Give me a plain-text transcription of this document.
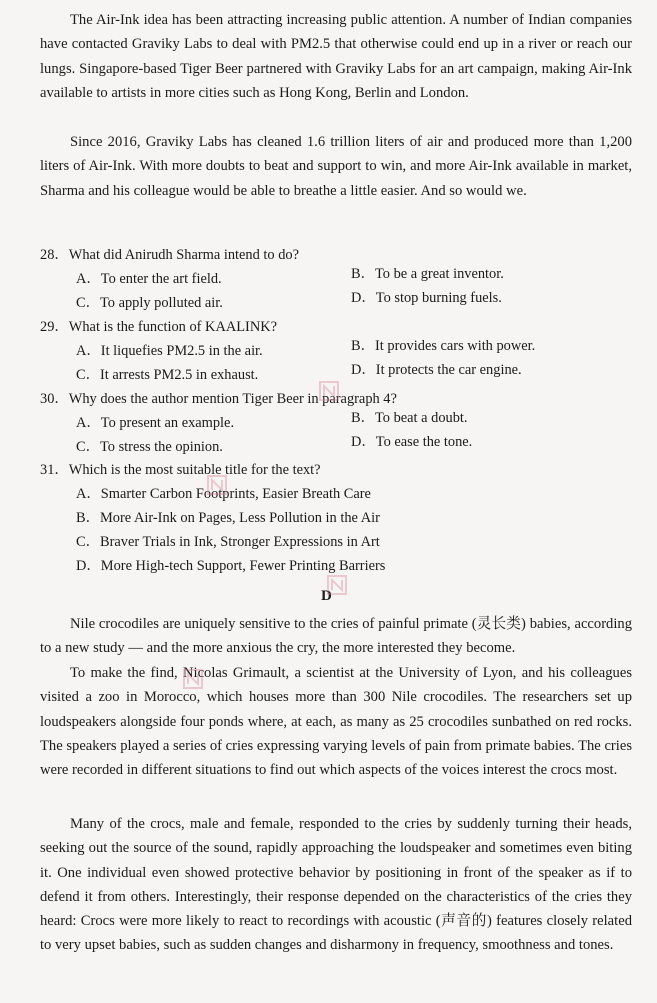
The Air-Ink idea has been attracting increasing public attention. A number of Indian companies have contacted Graviky Labs to deal with PM2.5 that otherwise could end up in a river or reach our lungs. Singapore-based Tiger Beer partnered with Graviky Labs for an art campaign, making Air-Ink available to artists in more cities such as Hong Kong, Berlin and London.

Since 2016, Graviky Labs has cleaned 1.6 trillion liters of air and produced more than 1,200 liters of Air-Ink. With more doubts to beat and support to win, and more Air-Ink available in market, Sharma and his colleague would be able to breathe a little easier. And so would we.

28．What did Anirudh Sharma intend to do?
A．To enter the art field.	B．To be a great inventor.
C．To apply polluted air.	D．To stop burning fuels.
29．What is the function of KAALINK?
A．It liquefies PM2.5 in the air.	B．It provides cars with power.
C．It arrests PM2.5 in exhaust.	D．It protects the car engine.
30．Why does the author mention Tiger Beer in paragraph 4?
A．To present an example.	B．To beat a doubt.
C．To stress the opinion.	D．To ease the tone.
31．Which is the most suitable title for the text?
A．Smarter Carbon Footprints, Easier Breath Care
B．More Air-Ink on Pages, Less Pollution in the Air
C．Braver Trials in Ink, Stronger Expressions in Art
D．More High-tech Support, Fewer Printing Barriers
D

Nile crocodiles are uniquely sensitive to the cries of painful primate (灵长类) babies, according to a new study — and the more anxious the cry, the more interested they become.

To make the find, Nicolas Grimault, a scientist at the University of Lyon, and his colleagues visited a zoo in Morocco, which houses more than 300 Nile crocodiles. The researchers set up loudspeakers alongside four ponds where, at each, as many as 25 crocodiles sunbathed on red rocks. The speakers played a series of cries expressing varying levels of pain from primate babies. The cries were recorded in different situations to find out which aspects of the voices interest the crocs most.

Many of the crocs, male and female, responded to the cries by suddenly turning their heads, seeking out the source of the sound, rapidly approaching the loudspeaker and sometimes even biting it. One individual even showed protective behavior by positioning in front of the speaker as if to defend it from others. Interestingly, their response depended on the characteristics of the cries they heard: Crocs were more likely to react to recordings with acoustic (声音的) features closely related to very upset babies, such as sudden changes and disharmony in frequency, smoothness and tones.
